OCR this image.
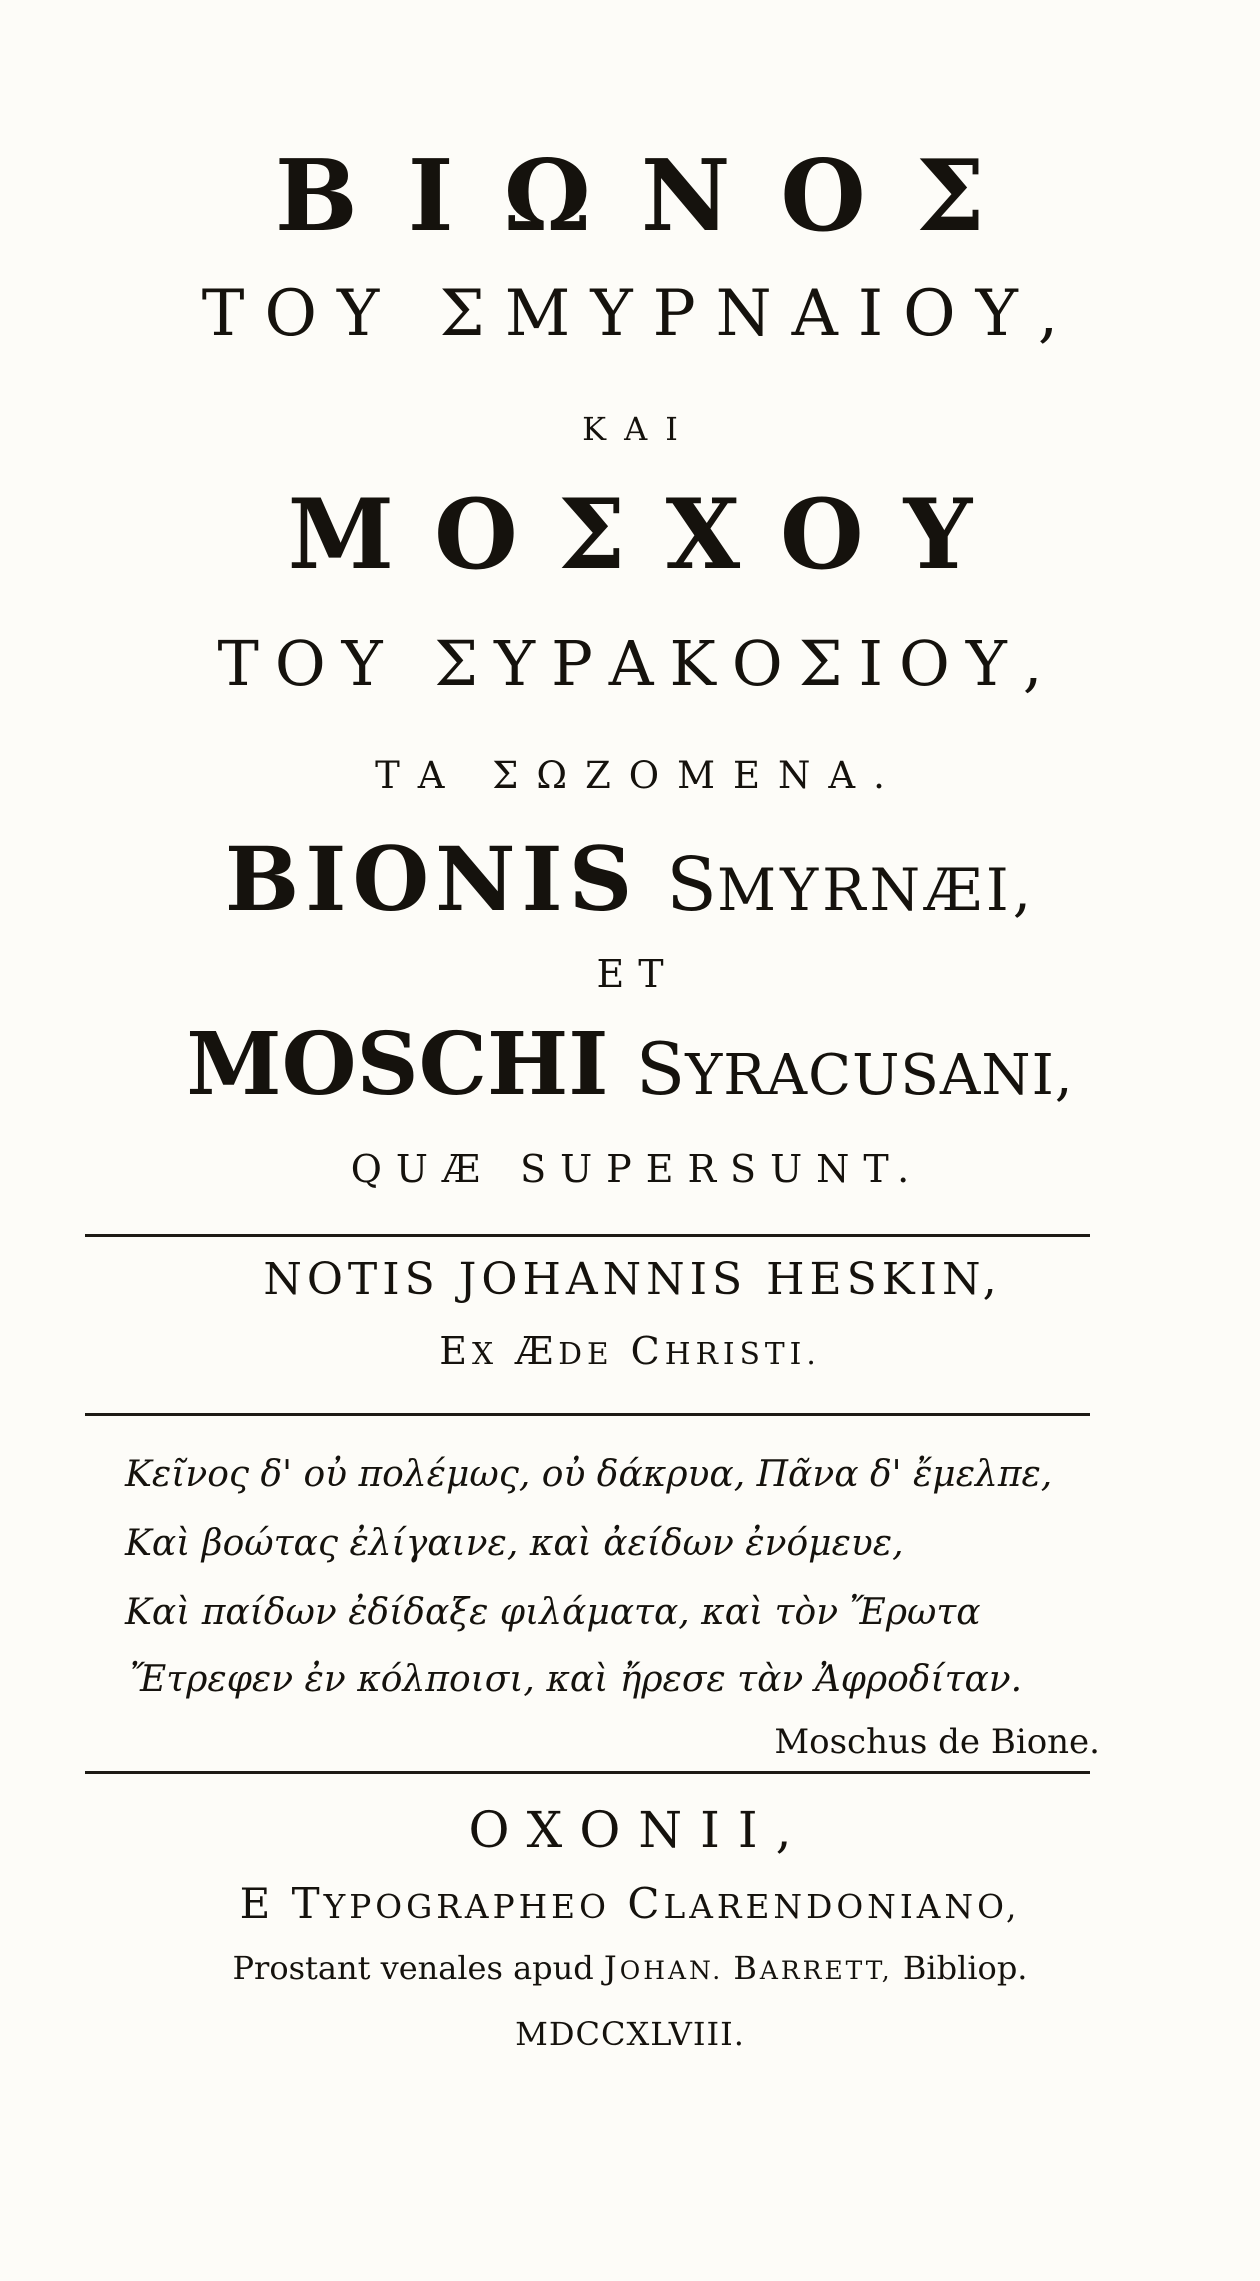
ΒΙΩΝΟΣ
ΤΟΥ ΣΜΥΡΝΑΙΟΥ,
ΚΑΙ
ΜΟΣΧΟΥ
ΤΟΥ ΣΥΡΑΚΟΣΙΟΥ,
ΤΑ ΣΩΖΟΜΕΝΑ.
BIONIS SMYRNÆI,
ET
MOSCHI SYRACUSANI,
QUÆ SUPERSUNT.
NOTIS JOHANNIS HESKIN,
EX ÆDE CHRISTI.
Κεῖνος δ' οὐ πολέμως, οὐ δάκρυα, Πᾶνα δ' ἔμελπε,
Καὶ βοώτας ἐλίγαινε, καὶ ἀείδων ἐνόμευε,
Καὶ παίδων ἐδίδαξε φιλάματα, καὶ τὸν Ἔρωτα
Ἔτρεφεν ἐν κόλποισι, καὶ ἤρεσε τὰν Ἀφροδίταν.
Moschus de Bione.
OXONII,
E TYPOGRAPHEO CLARENDONIANO,
Prostant venales apud JOHAN. BARRETT, Bibliop.
MDCCXLVIII.
